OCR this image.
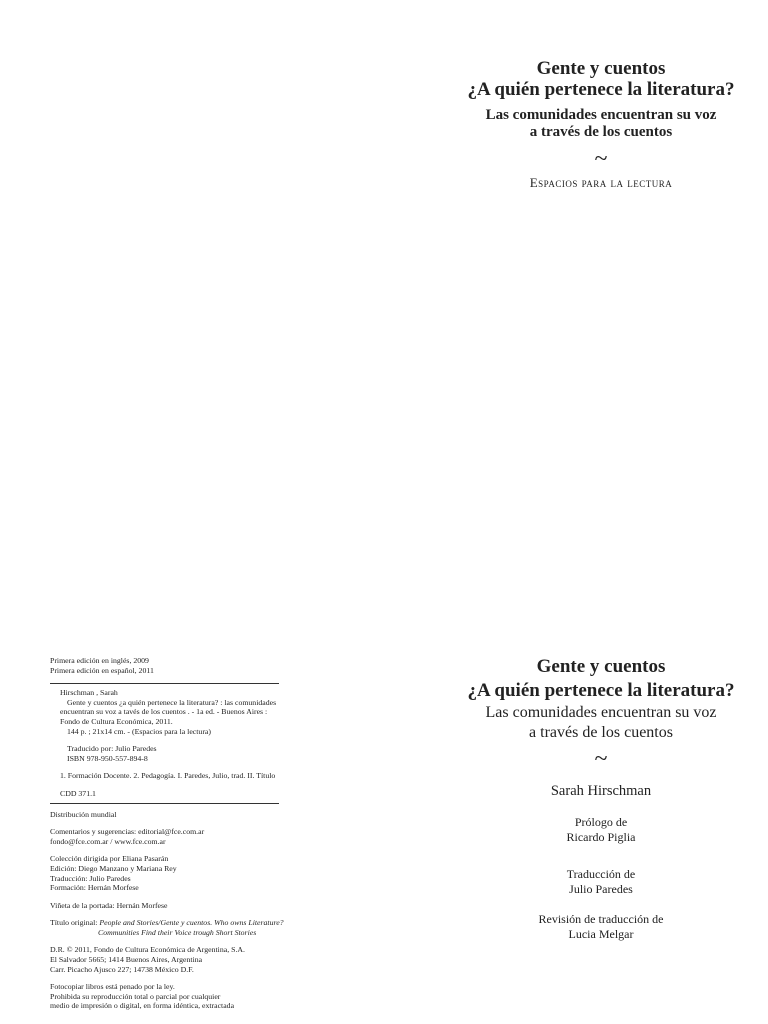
Gente y cuentos
¿A quién pertenece la literatura?
Las comunidades encuentran su voz
a través de los cuentos
~
Espacios para la lectura
Gente y cuentos
¿A quién pertenece la literatura?
Las comunidades encuentran su voz
a través de los cuentos
~
Sarah Hirschman
Prólogo de
Ricardo Piglia
Traducción de
Julio Paredes
Revisión de traducción de
Lucia Melgar
Primera edición en inglés, 2009
Primera edición en español, 2011
Hirschman , Sarah
Gente y cuentos ¿a quién pertenece la literatura? : las comunidades
encuentran su voz a tavés de los cuentos . - 1a ed. - Buenos Aires :
Fondo de Cultura Económica, 2011.
144 p. ; 21x14 cm. - (Espacios para la lectura)
Traducido por: Julio Paredes
ISBN 978-950-557-894-8
1. Formación Docente. 2. Pedagogía. I. Paredes, Julio, trad. II. Título
CDD 371.1
Distribución mundial
Comentarios y sugerencias: editorial@fce.com.ar
fondo@fce.com.ar / www.fce.com.ar
Colección dirigida por Eliana Pasarán
Edición: Diego Manzano y Mariana Rey
Traducción: Julio Paredes
Formación: Hernán Morfese
Viñeta de la portada: Hernán Morfese
Título original: People and Stories/Gente y cuentos. Who owns Literature?
Communities Find their Voice trough Short Stories
D.R. © 2011, Fondo de Cultura Económica de Argentina, S.A.
El Salvador 5665; 1414 Buenos Aires, Argentina
Carr. Picacho Ajusco 227; 14738 México D.F.
Fotocopiar libros está penado por la ley.
Prohibida su reproducción total o parcial por cualquier
medio de impresión o digital, en forma idéntica, extractada
